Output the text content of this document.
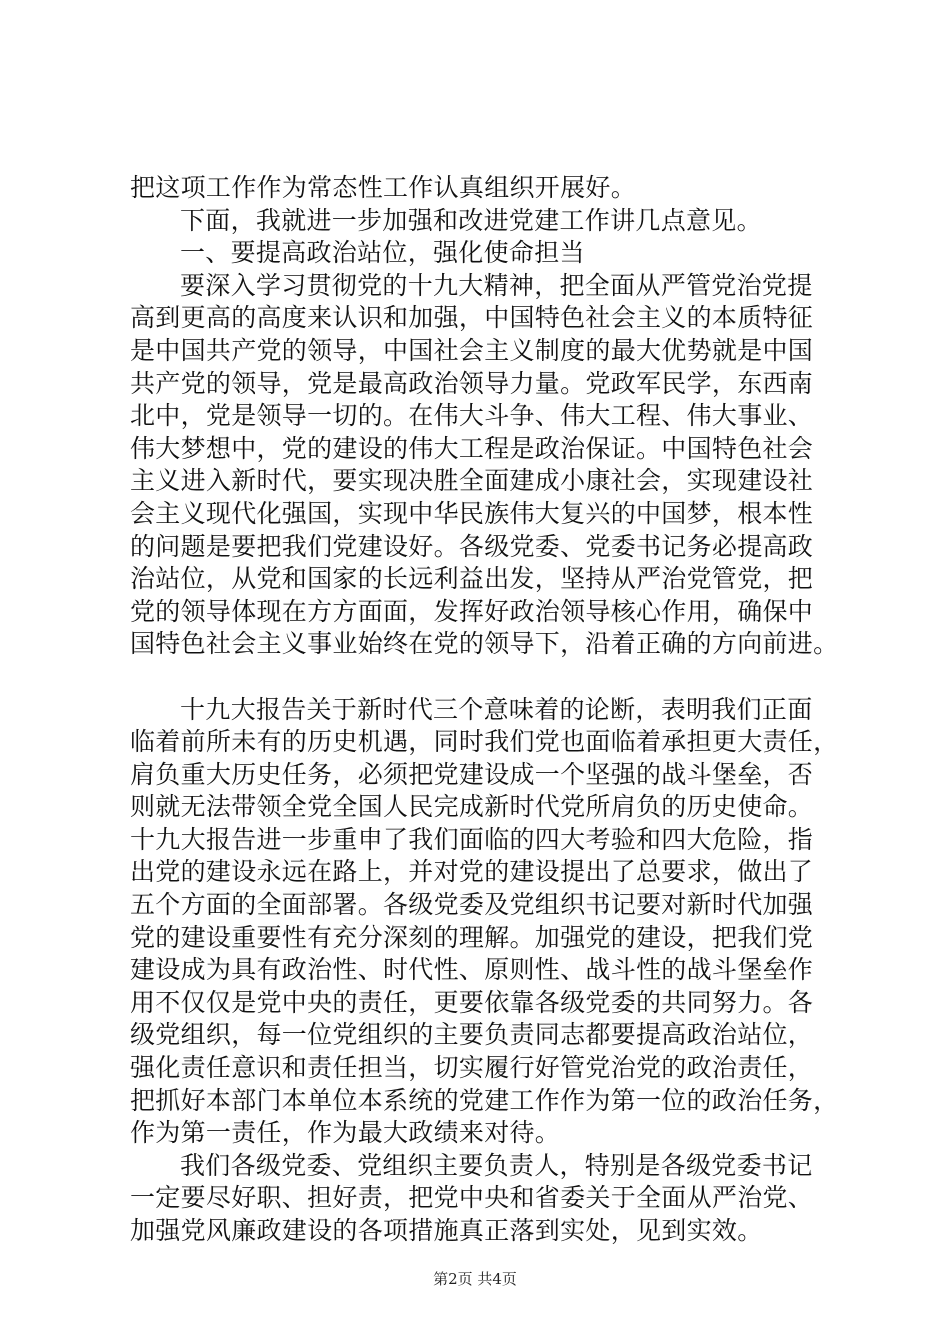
把这项工作作为常态性工作认真组织开展好。
下面，我就进一步加强和改进党建工作讲几点意见。
一、要提高政治站位，强化使命担当
要深入学习贯彻党的十九大精神，把全面从严管党治党提
高到更高的高度来认识和加强，中国特色社会主义的本质特征
是中国共产党的领导，中国社会主义制度的最大优势就是中国
共产党的领导，党是最高政治领导力量。党政军民学，东西南
北中，党是领导一切的。在伟大斗争、伟大工程、伟大事业、
伟大梦想中，党的建设的伟大工程是政治保证。中国特色社会
主义进入新时代，要实现决胜全面建成小康社会，实现建设社
会主义现代化强国，实现中华民族伟大复兴的中国梦，根本性
的问题是要把我们党建设好。各级党委、党委书记务必提高政
治站位，从党和国家的长远利益出发，坚持从严治党管党，把
党的领导体现在方方面面，发挥好政治领导核心作用，确保中
国特色社会主义事业始终在党的领导下，沿着正确的方向前进。
十九大报告关于新时代三个意味着的论断，表明我们正面
临着前所未有的历史机遇，同时我们党也面临着承担更大责任，
肩负重大历史任务，必须把党建设成一个坚强的战斗堡垒，否
则就无法带领全党全国人民完成新时代党所肩负的历史使命。
十九大报告进一步重申了我们面临的四大考验和四大危险，指
出党的建设永远在路上，并对党的建设提出了总要求，做出了
五个方面的全面部署。各级党委及党组织书记要对新时代加强
党的建设重要性有充分深刻的理解。加强党的建设，把我们党
建设成为具有政治性、时代性、原则性、战斗性的战斗堡垒作
用不仅仅是党中央的责任，更要依靠各级党委的共同努力。各
级党组织，每一位党组织的主要负责同志都要提高政治站位，
强化责任意识和责任担当，切实履行好管党治党的政治责任，
把抓好本部门本单位本系统的党建工作作为第一位的政治任务，
作为第一责任，作为最大政绩来对待。
我们各级党委、党组织主要负责人，特别是各级党委书记
一定要尽好职、担好责，把党中央和省委关于全面从严治党、
加强党风廉政建设的各项措施真正落到实处，见到实效。
第2页 共4页
